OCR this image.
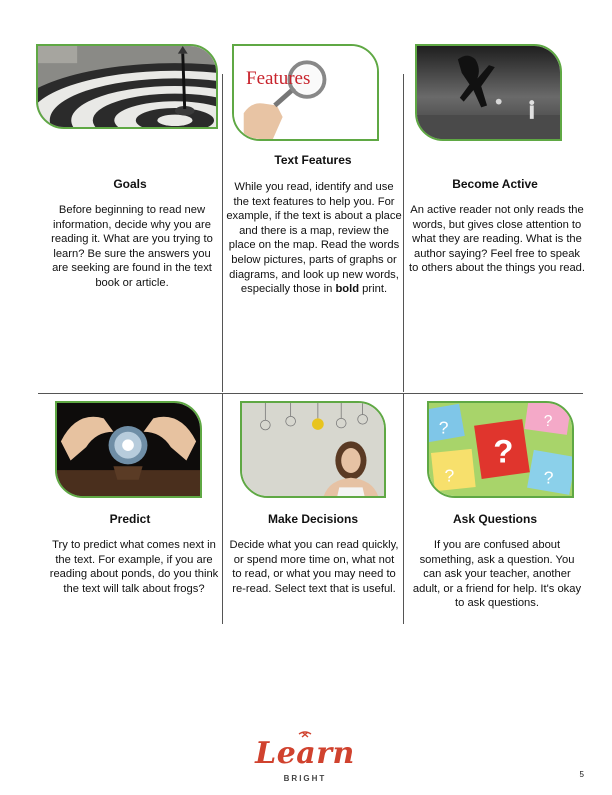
Goals
Before beginning to read new information, decide why you are reading it. What are you trying to learn? Be sure the answers you are seeking are found in the text book or article.
Features
Text Features
While you read, identify and use the text features to help you. For example, if the text is about a place and there is a map, review the place on the map. Read the words below pictures, parts of graphs or diagrams, and look up new words, especially those in bold print.
Become Active
An active reader not only reads the words, but gives close attention to what they are reading. What is the author saying? Feel free to speak to others about the things you read.
Predict
Try to predict what comes next in the text. For example, if you are reading about ponds, do you think the text will talk about frogs?
Make Decisions
Decide what you can read quickly, or spend more time on, what not to read, or what you may need to re-read. Select text that is useful.
?
?	?
?	?
Ask Questions
If you are confused about something, ask a question. You can ask your teacher, another adult, or a friend for help. It's okay to ask questions.
Learn
BRIGHT	5
